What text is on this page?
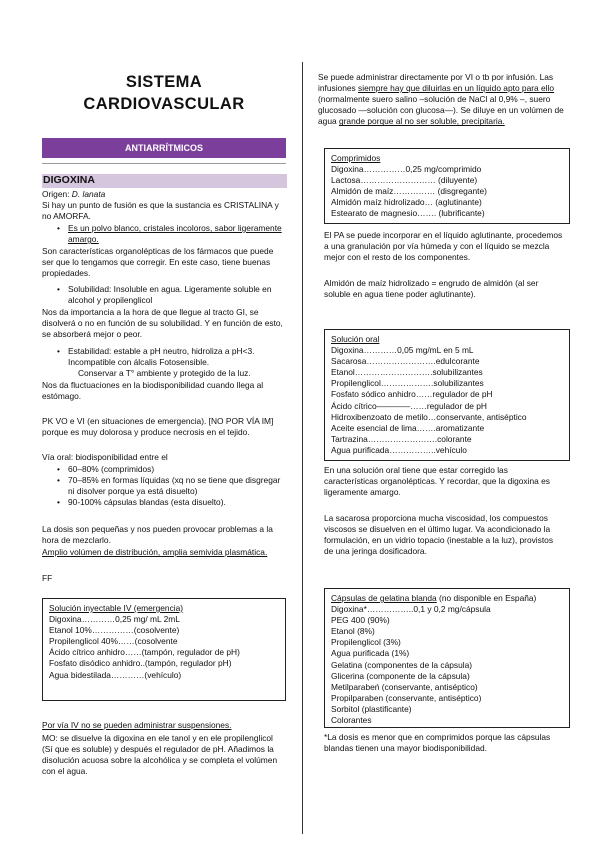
SISTEMA
CARDIOVASCULAR
ANTIARRÍTMICOS
DIGOXINA

Origen: D. lanata

Si hay un punto de fusión es que la sustancia es CRISTALINA y no AMORFA.

• Es un polvo blanco, cristales incoloros, sabor ligeramente amargo.

Son características organolépticas de los fármacos que puede ser que lo tengamos que corregir. En este caso, tiene buenas propiedades.

• Solubilidad: Insoluble en agua. Ligeramente soluble en alcohol y propilenglicol

Nos da importancia a la hora de que llegue al tracto GI, se disolverá o no en función de su solubilidad. Y en función de esto, se absorberá mejor o peor.

• Estabilidad: estable a pH neutro, hidroliza a pH<3. Incompatible con álcalis Fotosensible.
Conservar a T° ambiente y protegido de la luz.

Nos da fluctuaciones en la biodisponibilidad cuando llega al estómago.

PK VO e VI (en situaciones de emergencia). [NO POR VÍA IM] porque es muy dolorosa y produce necrosis en el tejido.

Vía oral: biodisponibilidad entre el

• 60–80% (comprimidos)
• 70–85% en formas líquidas (xq no se tiene que disgregar ni disolver porque ya está disuelto)
• 90-100% cápsulas blandas (esta disuelto).

La dosis son pequeñas y nos pueden provocar problemas a la hora de mezclarlo.

Amplio volúmen de distribución, amplia semivida plasmática.

FF

Solución inyectable IV (emergencia)
Digoxina…………0,25 mg/ mL 2mL
Etanol 10%……………(cosolvente)
Propilenglicol 40%……(cosolvente
Ácido cítrico anhidro……(tampón, regulador de pH)
Fosfato disódico anhidro..(tampón, regulador pH)
Agua bidestilada…………(vehículo)

Por vía IV no se pueden administrar suspensiones.

MO: se disuelve la digoxina en ele tanol y en ele propilenglicol (Sí que es soluble) y después el regulador de pH. Añadimos la disolución acuosa sobre la alcohólica y se completa el volúmen con el agua.

Se puede administrar directamente por VI o tb por infusión. Las infusiones siempre hay que diluirlas en un líquido apto para ello (normalmente suero salino –solución de NaCl al 0,9% –, suero glucosado —solución con glucosa—). Se diluye en un volúmen de agua grande porque al no ser soluble, precipitaria.

Comprimidos
Digoxina……………0,25 mg/comprimido
Lactosa……………………… (diluyente)
Almidón de maíz…………… (disgregante)
Almidón maíz hidrolizado… (aglutinante)
Estearato de magnesio……. (lubrificante)

El PA se puede incorporar en el líquido aglutinante, procedemos a una granulación por vía húmeda y con el líquido se mezcla mejor con el resto de los componentes.

Almidón de maíz hidrolizado = engrudo de almidón (al ser soluble en agua tiene poder aglutinante).

Solución oral
Digoxina…………0,05 mg/mL en 5 mL
Sacarosa…………………….edulcorante
Etanol……………………….solubilizantes
Propilenglicol……………….solubilizantes
Fosfato sódico anhidro……regulador de pH
Ácido cítrico————……regulador de pH
Hidroxibenzoato de metilo…conservante, antiséptico
Aceite esencial de lima…….aromatizante
Tartrazina…………………….colorante
Agua purificada……………..vehículo

En una solución oral tiene que estar corregido las características organolépticas. Y recordar, que la digoxina es ligeramente amargo.

La sacarosa proporciona mucha viscosidad, los compuestos viscosos se disuelven en el último lugar. Va acondicionado la formulación, en un vidrio topacio (inestable a la luz), provistos de una jeringa dosificadora.

Cápsulas de gelatina blanda (no disponible en España)
Digoxina*……………..0,1 y 0,2 mg/cápsula
PEG 400 (90%)
Etanol (8%)
Propilenglicol (3%)
Agua purificada (1%)
Gelatina (componentes de la cápsula)
Glicerina (componente de la cápsula)
Metilparabeń (conservante, antiséptico)
Propilparaben (conservante, antiséptico)
Sorbitol (plastificante)
Colorantes

*La dosis es menor que en comprimidos porque las cápsulas blandas tienen una mayor biodisponibilidad.
